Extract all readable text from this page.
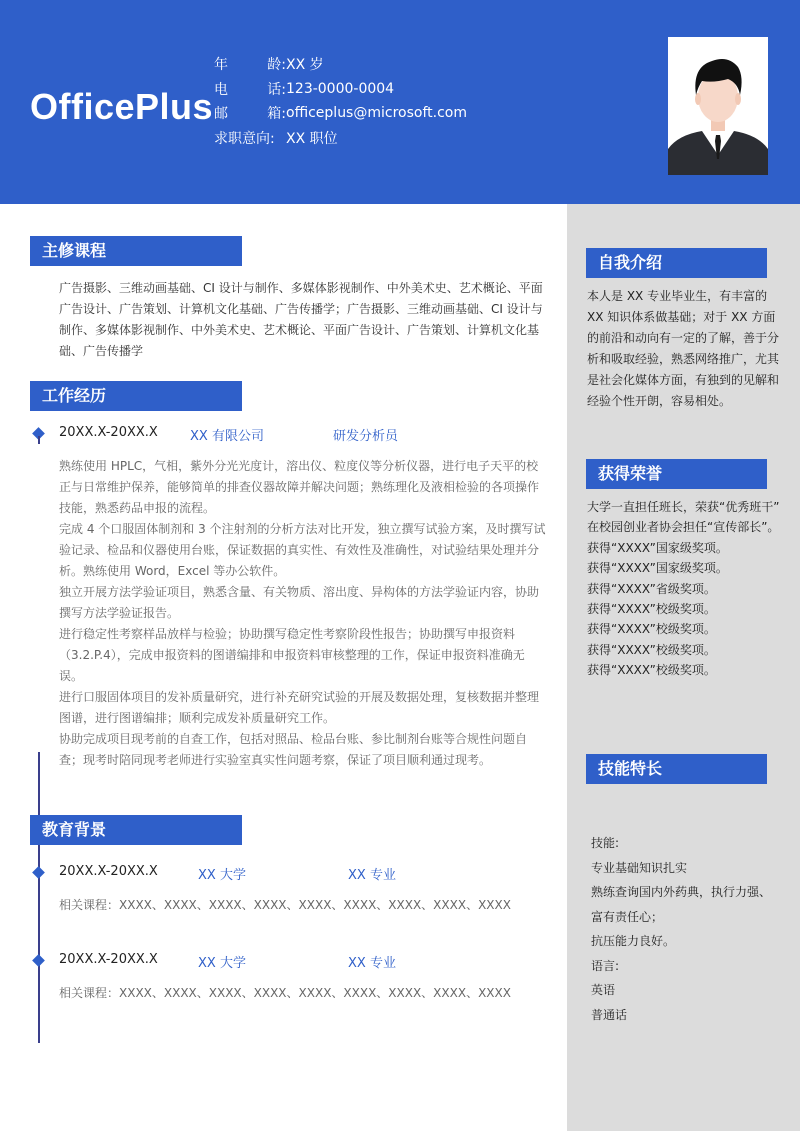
OfficePlus
年	龄: XX 岁
电	话: 123-0000-0004
邮	箱: officeplus@microsoft.com
求职意向: XX 职位
主修课程
广告摄影、三维动画基础、CI 设计与制作、多媒体影视制作、中外美术史、艺术概论、平面广告设计、广告策划、计算机文化基础、广告传播学；广告摄影、三维动画基础、CI 设计与制作、多媒体影视制作、中外美术史、艺术概论、平面广告设计、广告策划、计算机文化基础、广告传播学
工作经历
20XX.X-20XX.X XX 有限公司	研发分析员

熟练使用 HPLC，气相，紫外分光光度计，溶出仪、粒度仪等分析仪器，进行电子天平的校正与日常维护保养，能够简单的排查仪器故障并解决问题；熟练理化及液相检验的各项操作技能，熟悉药品申报的流程。

完成 4 个口服固体制剂和 3 个注射剂的分析方法对比开发，独立撰写试验方案，及时撰写试验记录、检品和仪器使用台账，保证数据的真实性、有效性及准确性，对试验结果处理并分析。熟练使用 Word，Excel 等办公软件。

独立开展方法学验证项目，熟悉含量、有关物质、溶出度、异构体的方法学验证内容，协助撰写方法学验证报告。

进行稳定性考察样品放样与检验；协助撰写稳定性考察阶段性报告；协助撰写申报资料（3.2.P.4），完成申报资料的图谱编排和申报资料审核整理的工作，保证申报资料准确无误。

进行口服固体项目的发补质量研究，进行补充研究试验的开展及数据处理，复核数据并整理图谱，进行图谱编排；顺利完成发补质量研究工作。

协助完成项目现考前的自查工作，包括对照品、检品台账、参比制剂台账等合规性问题自查；现考时陪同现考老师进行实验室真实性问题考察，保证了项目顺利通过现考。

教育背景
20XX.X-20XX.X	XX 大学	XX 专业
相关课程：XXXX、XXXX、XXXX、XXXX、XXXX、XXXX、XXXX、XXXX、XXXX
20XX.X-20XX.X	XX 大学	XX 专业
相关课程：XXXX、XXXX、XXXX、XXXX、XXXX、XXXX、XXXX、XXXX、XXXX
自我介绍
本人是 XX 专业毕业生，有丰富的 XX 知识体系做基础；对于 XX 方面的前沿和动向有一定的了解，善于分析和吸取经验，熟悉网络推广，尤其是社会化媒体方面，有独到的见解和经验个性开朗，容易相处。
获得荣誉
大学一直担任班长，荣获“优秀班干”
在校园创业者协会担任“宣传部长”。
获得“XXXX”国家级奖项。
获得“XXXX”国家级奖项。
获得“XXXX”省级奖项。
获得“XXXX”校级奖项。
获得“XXXX”校级奖项。
获得“XXXX”校级奖项。
获得“XXXX”校级奖项。
技能特长
技能:
专业基础知识扎实
熟练查询国内外药典，执行力强、
富有责任心；
抗压能力良好。
语言:
英语
普通话
